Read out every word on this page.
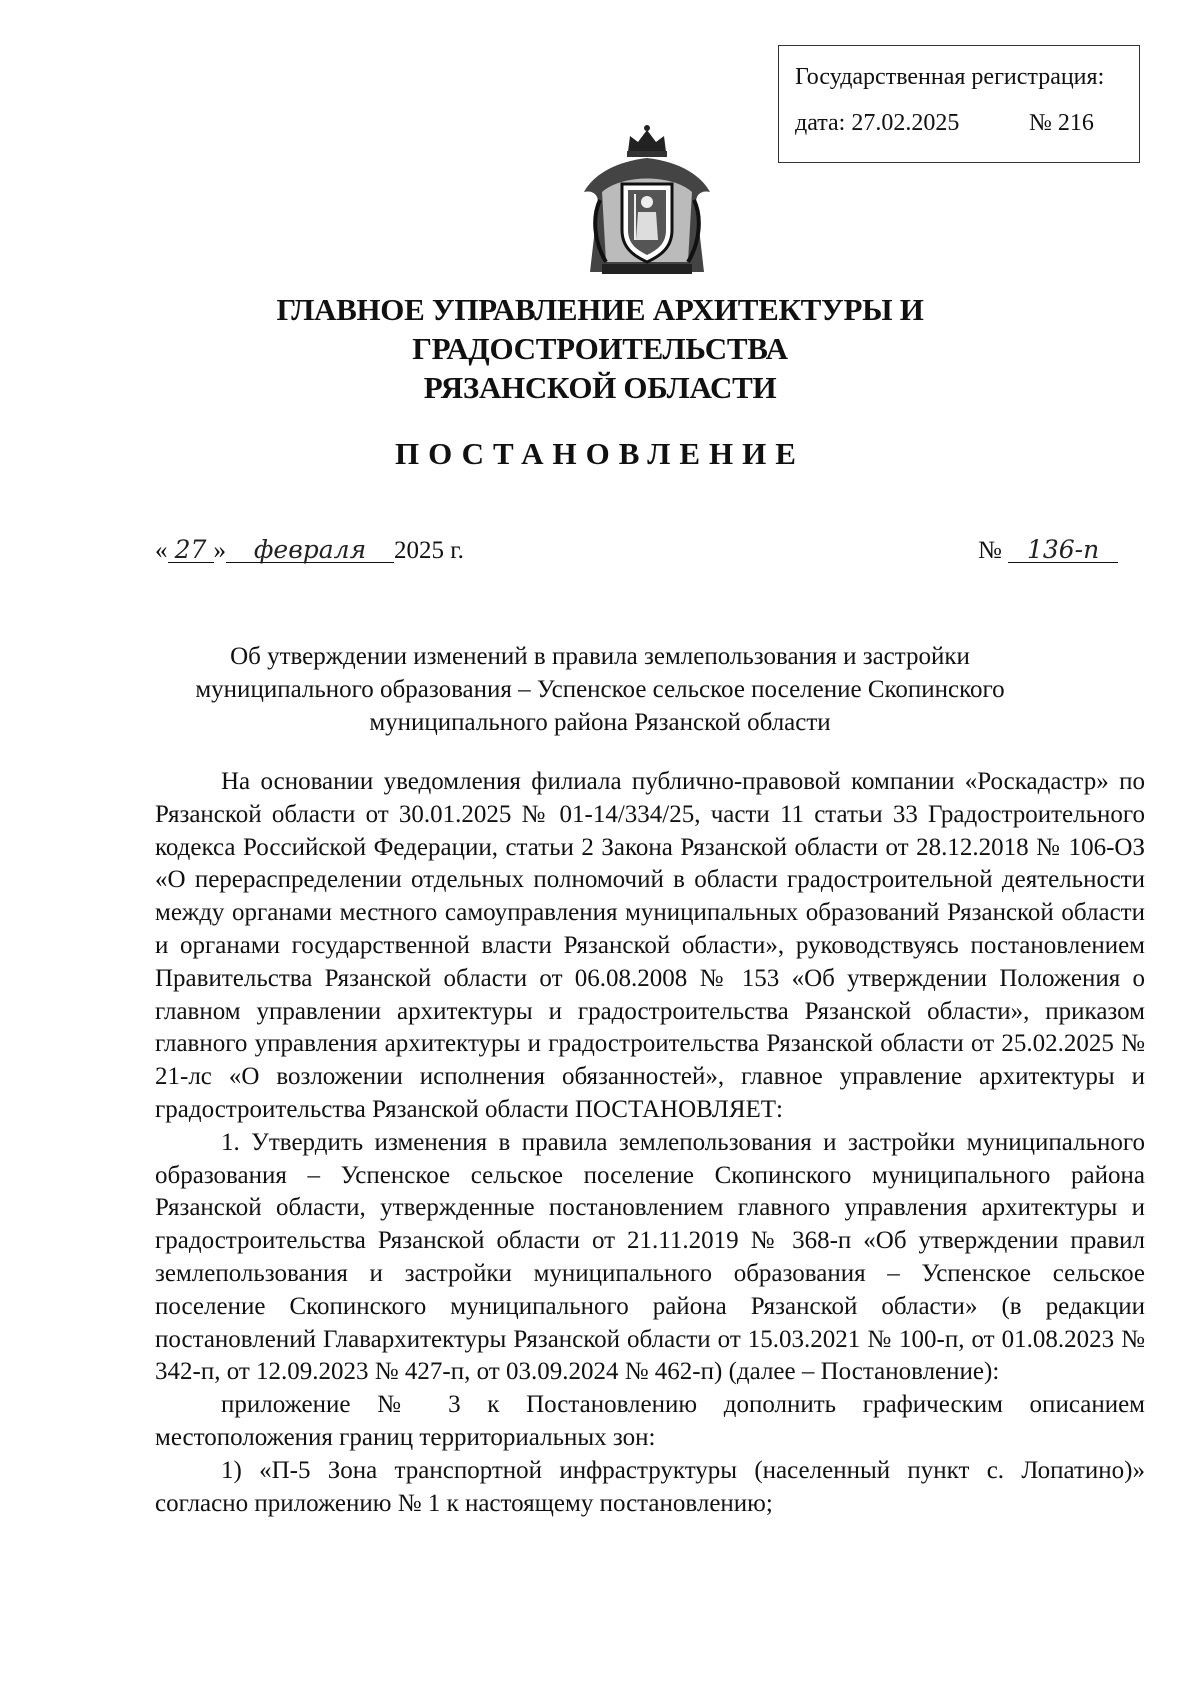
Государственная регистрация:
дата: 27.02.2025	№ 216
ГЛАВНОЕ УПРАВЛЕНИЕ АРХИТЕКТУРЫ И ГРАДОСТРОИТЕЛЬСТВА
РЯЗАНСКОЙ ОБЛАСТИ
ПОСТАНОВЛЕНИЕ
« 27 » февраля 2025 г.	№ 136-п
Об утверждении изменений в правила землепользования и застройки
муниципального образования – Успенское сельское поселение Скопинского
муниципального района Рязанской области

На основании уведомления филиала публично-правовой компании «Роскадастр» по Рязанской области от 30.01.2025 № 01-14/334/25, части 11 статьи 33 Градостроительного кодекса Российской Федерации, статьи 2 Закона Рязанской области от 28.12.2018 № 106-ОЗ «О перераспределении отдельных полномочий в области градостроительной деятельности между органами местного самоуправления муниципальных образований Рязанской области и органами государственной власти Рязанской области», руководствуясь постановлением Правительства Рязанской области от 06.08.2008 № 153 «Об утверждении Положения о главном управлении архитектуры и градостроительства Рязанской области», приказом главного управления архитектуры и градостроительства Рязанской области от 25.02.2025 № 21-лс «О возложении исполнения обязанностей», главное управление архитектуры и градостроительства Рязанской области ПОСТАНОВЛЯЕТ:

1. Утвердить изменения в правила землепользования и застройки муниципального образования – Успенское сельское поселение Скопинского муниципального района Рязанской области, утвержденные постановлением главного управления архитектуры и градостроительства Рязанской области от 21.11.2019 № 368-п «Об утверждении правил землепользования и застройки муниципального образования – Успенское сельское поселение Скопинского муниципального района Рязанской области» (в редакции постановлений Главархитектуры Рязанской области от 15.03.2021 № 100-п, от 01.08.2023 № 342-п, от 12.09.2023 № 427-п, от 03.09.2024 № 462-п) (далее – Постановление):

приложение № 3 к Постановлению дополнить графическим описанием местоположения границ территориальных зон:

1) «П-5 Зона транспортной инфраструктуры (населенный пункт с. Лопатино)» согласно приложению № 1 к настоящему постановлению;
